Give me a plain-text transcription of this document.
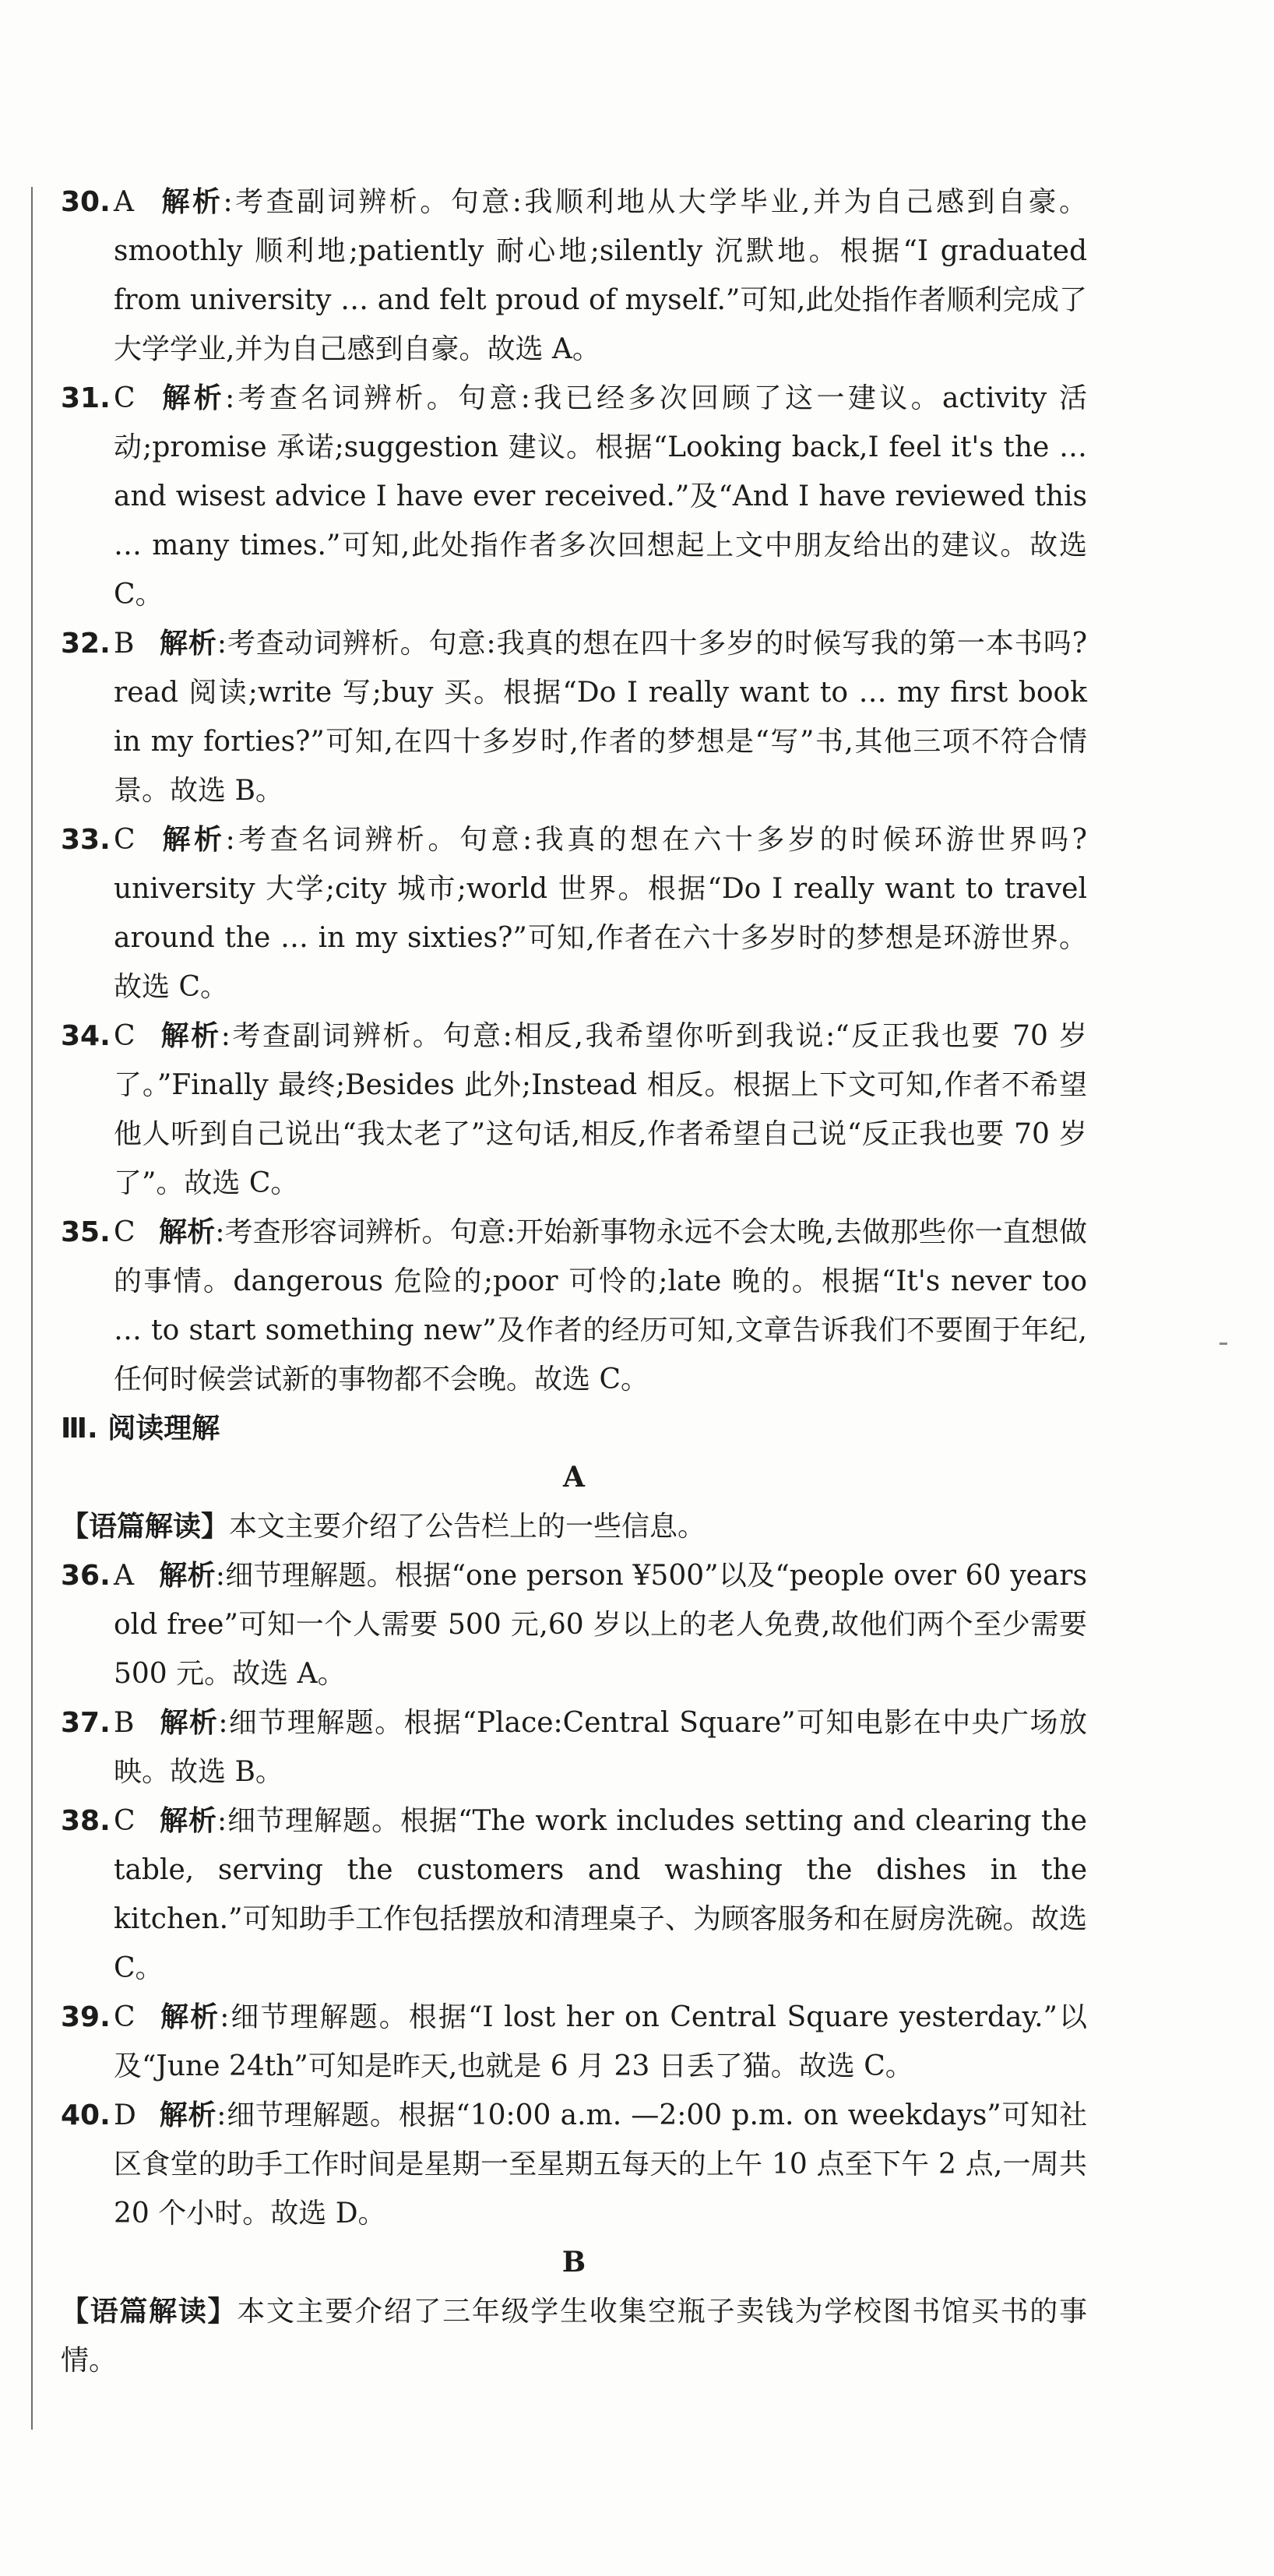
30. A 解析:考查副词辨析。句意:我顺利地从大学毕业,并为自己感到自豪。smoothly 顺利地;patiently 耐心地;silently 沉默地。根据“I graduated from university … and felt proud of myself.”可知,此处指作者顺利完成了大学学业,并为自己感到自豪。故选 A。

31. C 解析:考查名词辨析。句意:我已经多次回顾了这一建议。activity 活动;promise 承诺;suggestion 建议。根据“Looking back,I feel it's the … and wisest advice I have ever received.”及“And I have reviewed this … many times.”可知,此处指作者多次回想起上文中朋友给出的建议。故选 C。

32. B 解析:考查动词辨析。句意:我真的想在四十多岁的时候写我的第一本书吗? read 阅读;write 写;buy 买。根据“Do I really want to … my first book in my forties?”可知,在四十多岁时,作者的梦想是“写”书,其他三项不符合情景。故选 B。

33. C 解析:考查名词辨析。句意:我真的想在六十多岁的时候环游世界吗? university 大学;city 城市;world 世界。根据“Do I really want to travel around the … in my sixties?”可知,作者在六十多岁时的梦想是环游世界。故选 C。

34. C 解析:考查副词辨析。句意:相反,我希望你听到我说:“反正我也要 70 岁了。”Finally 最终;Besides 此外;Instead 相反。根据上下文可知,作者不希望他人听到自己说出“我太老了”这句话,相反,作者希望自己说“反正我也要 70 岁了”。故选 C。

35. C 解析:考查形容词辨析。句意:开始新事物永远不会太晚,去做那些你一直想做的事情。dangerous 危险的;poor 可怜的;late 晚的。根据“It's never too … to start something new”及作者的经历可知,文章告诉我们不要囿于年纪,任何时候尝试新的事物都不会晚。故选 C。

Ⅲ. 阅读理解

A

【语篇解读】本文主要介绍了公告栏上的一些信息。

36. A 解析:细节理解题。根据“one person ¥500”以及“people over 60 years old free”可知一个人需要 500 元,60 岁以上的老人免费,故他们两个至少需要 500 元。故选 A。

37. B 解析:细节理解题。根据“Place:Central Square”可知电影在中央广场放映。故选 B。

38. C 解析:细节理解题。根据“The work includes setting and clearing the table, serving the customers and washing the dishes in the kitchen.”可知助手工作包括摆放和清理桌子、为顾客服务和在厨房洗碗。故选 C。

39. C 解析:细节理解题。根据“I lost her on Central Square yesterday.”以及“June 24th”可知是昨天,也就是 6 月 23 日丢了猫。故选 C。

40. D 解析:细节理解题。根据“10:00 a.m. —2:00 p.m. on weekdays”可知社区食堂的助手工作时间是星期一至星期五每天的上午 10 点至下午 2 点,一周共 20 个小时。故选 D。

B

【语篇解读】本文主要介绍了三年级学生收集空瓶子卖钱为学校图书馆买书的事情。
